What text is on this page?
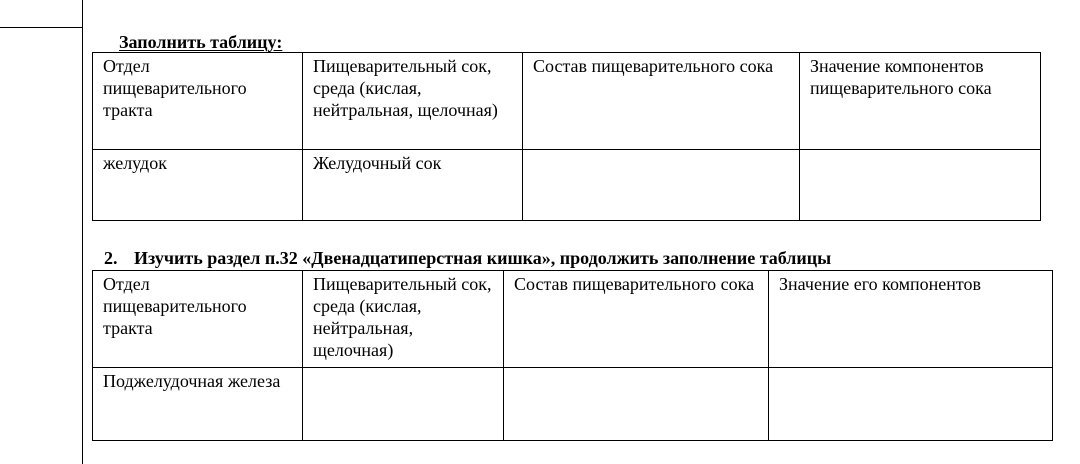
Заполнить таблицу:
Отдел пищеварительного тракта	Пищеварительный сок, среда (кислая, нейтральная, щелочная)	Состав пищеварительного сока	Значение компонентов пищеварительного сока
желудок	Желудочный сок		
2. Изучить раздел п.32 «Двенадцатиперстная кишка», продолжить заполнение таблицы
Отдел пищеварительного тракта	Пищеварительный сок, среда (кислая, нейтральная, щелочная)	Состав пищеварительного сока	Значение его компонентов
Поджелудочная железа			
